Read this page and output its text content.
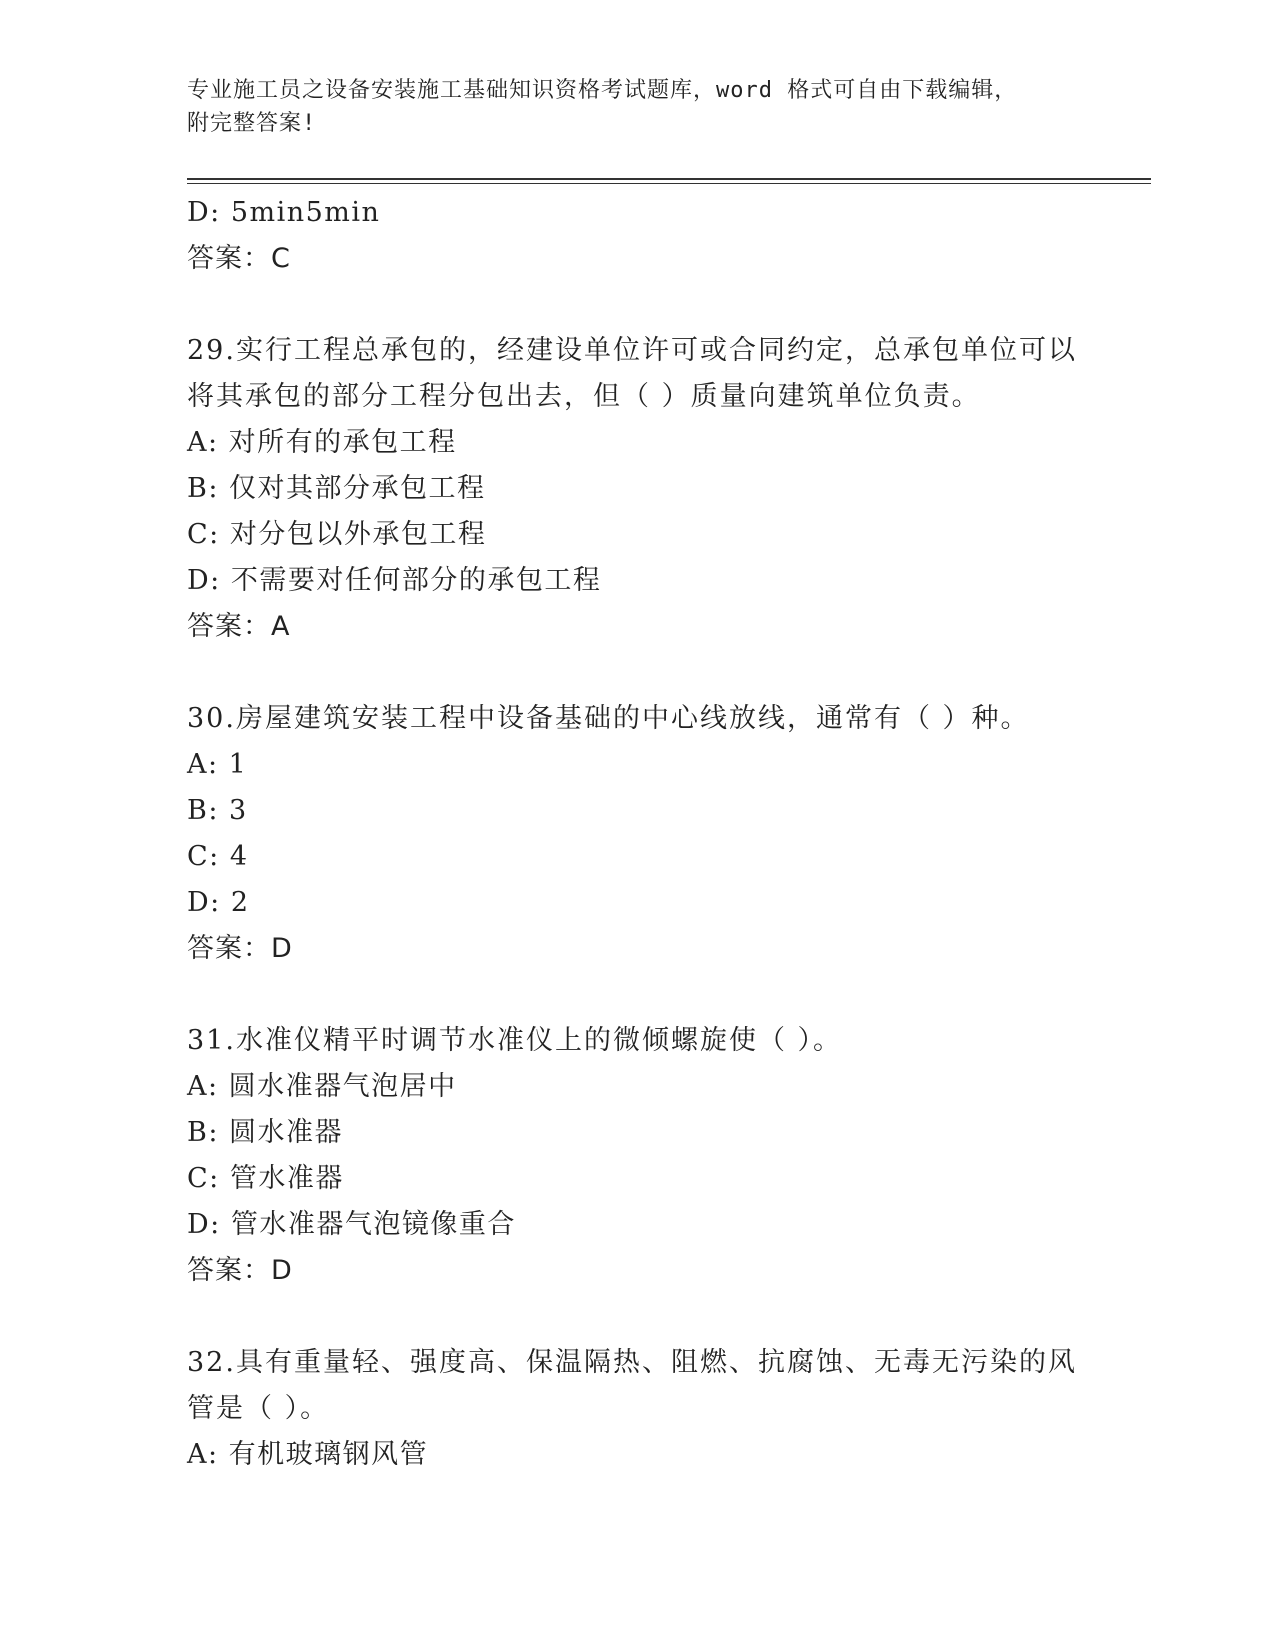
专业施工员之设备安装施工基础知识资格考试题库，word 格式可自由下载编辑，
附完整答案!
D: 5min5min
答案：C
29.实行工程总承包的，经建设单位许可或合同约定，总承包单位可以
将其承包的部分工程分包出去，但（ ）质量向建筑单位负责。
A: 对所有的承包工程
B: 仅对其部分承包工程
C: 对分包以外承包工程
D: 不需要对任何部分的承包工程
答案：A
30.房屋建筑安装工程中设备基础的中心线放线，通常有（ ）种。
A: 1
B: 3
C: 4
D: 2
答案：D
31.水准仪精平时调节水准仪上的微倾螺旋使（ ）。
A: 圆水准器气泡居中
B: 圆水准器
C: 管水准器
D: 管水准器气泡镜像重合
答案：D
32.具有重量轻、强度高、保温隔热、阻燃、抗腐蚀、无毒无污染的风
管是（ ）。
A: 有机玻璃钢风管
